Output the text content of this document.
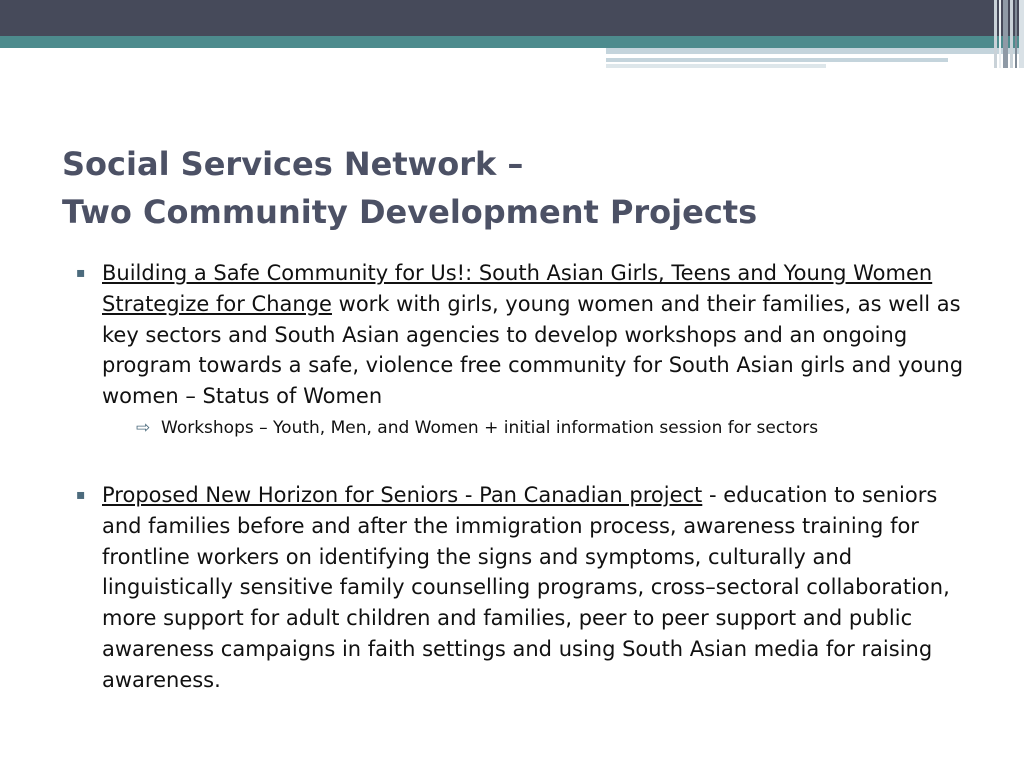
Social Services Network –
Two Community Development Projects
▪ Building a Safe Community for Us!: South Asian Girls, Teens and Young Women Strategize for Change work with girls, young women and their families, as well as key sectors and South Asian agencies to develop workshops and an ongoing program towards a safe, violence free community for South Asian girls and young women – Status of Women
⇨ Workshops – Youth, Men, and Women + initial information session for sectors
▪ Proposed New Horizon for Seniors - Pan Canadian project - education to seniors and families before and after the immigration process, awareness training for frontline workers on identifying the signs and symptoms, culturally and linguistically sensitive family counselling programs, cross–sectoral collaboration, more support for adult children and families, peer to peer support and public awareness campaigns in faith settings and using South Asian media for raising awareness.
